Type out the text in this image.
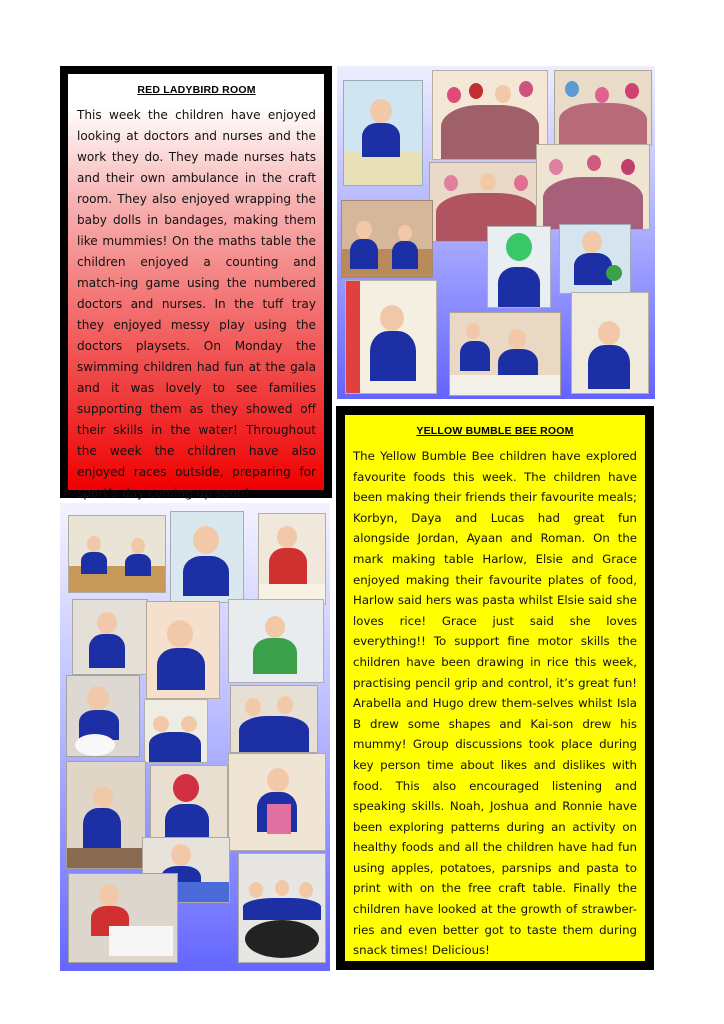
RED LADYBIRD ROOM

This week the children have enjoyed looking at doctors and nurses and the work they do. They made nurses hats and their own ambulance in the craft room. They also enjoyed wrapping the baby dolls in bandages, making them like mummies! On the maths table the children enjoyed a counting and match-ing game using the numbered doctors and nurses. In the tuff tray they enjoyed messy play using the doctors playsets. On Monday the swimming children had fun at the gala and it was lovely to see families supporting them as they showed off their skills in the water! Throughout the week the children have also enjoyed races outside, preparing for sport’s day coming up soon!

YELLOW BUMBLE BEE ROOM

The Yellow Bumble Bee children have explored favourite foods this week. The children have been making their friends their favourite meals; Korbyn, Daya and Lucas had great fun alongside Jordan, Ayaan and Roman. On the mark making table Harlow, Elsie and Grace enjoyed making their favourite plates of food, Harlow said hers was pasta whilst Elsie said she loves rice! Grace just said she loves everything!! To support fine motor skills the children have been drawing in rice this week, practising pencil grip and control, it’s great fun! Arabella and Hugo drew them-selves whilst Isla B drew some shapes and Kai-son drew his mummy! Group discussions took place during key person time about likes and dislikes with food. This also encouraged listening and speaking skills. Noah, Joshua and Ronnie have been exploring patterns during an activity on healthy foods and all the children have had fun using apples, potatoes, parsnips and pasta to print with on the free craft table. Finally the children have looked at the growth of strawber-ries and even better got to taste them during snack times! Delicious!
